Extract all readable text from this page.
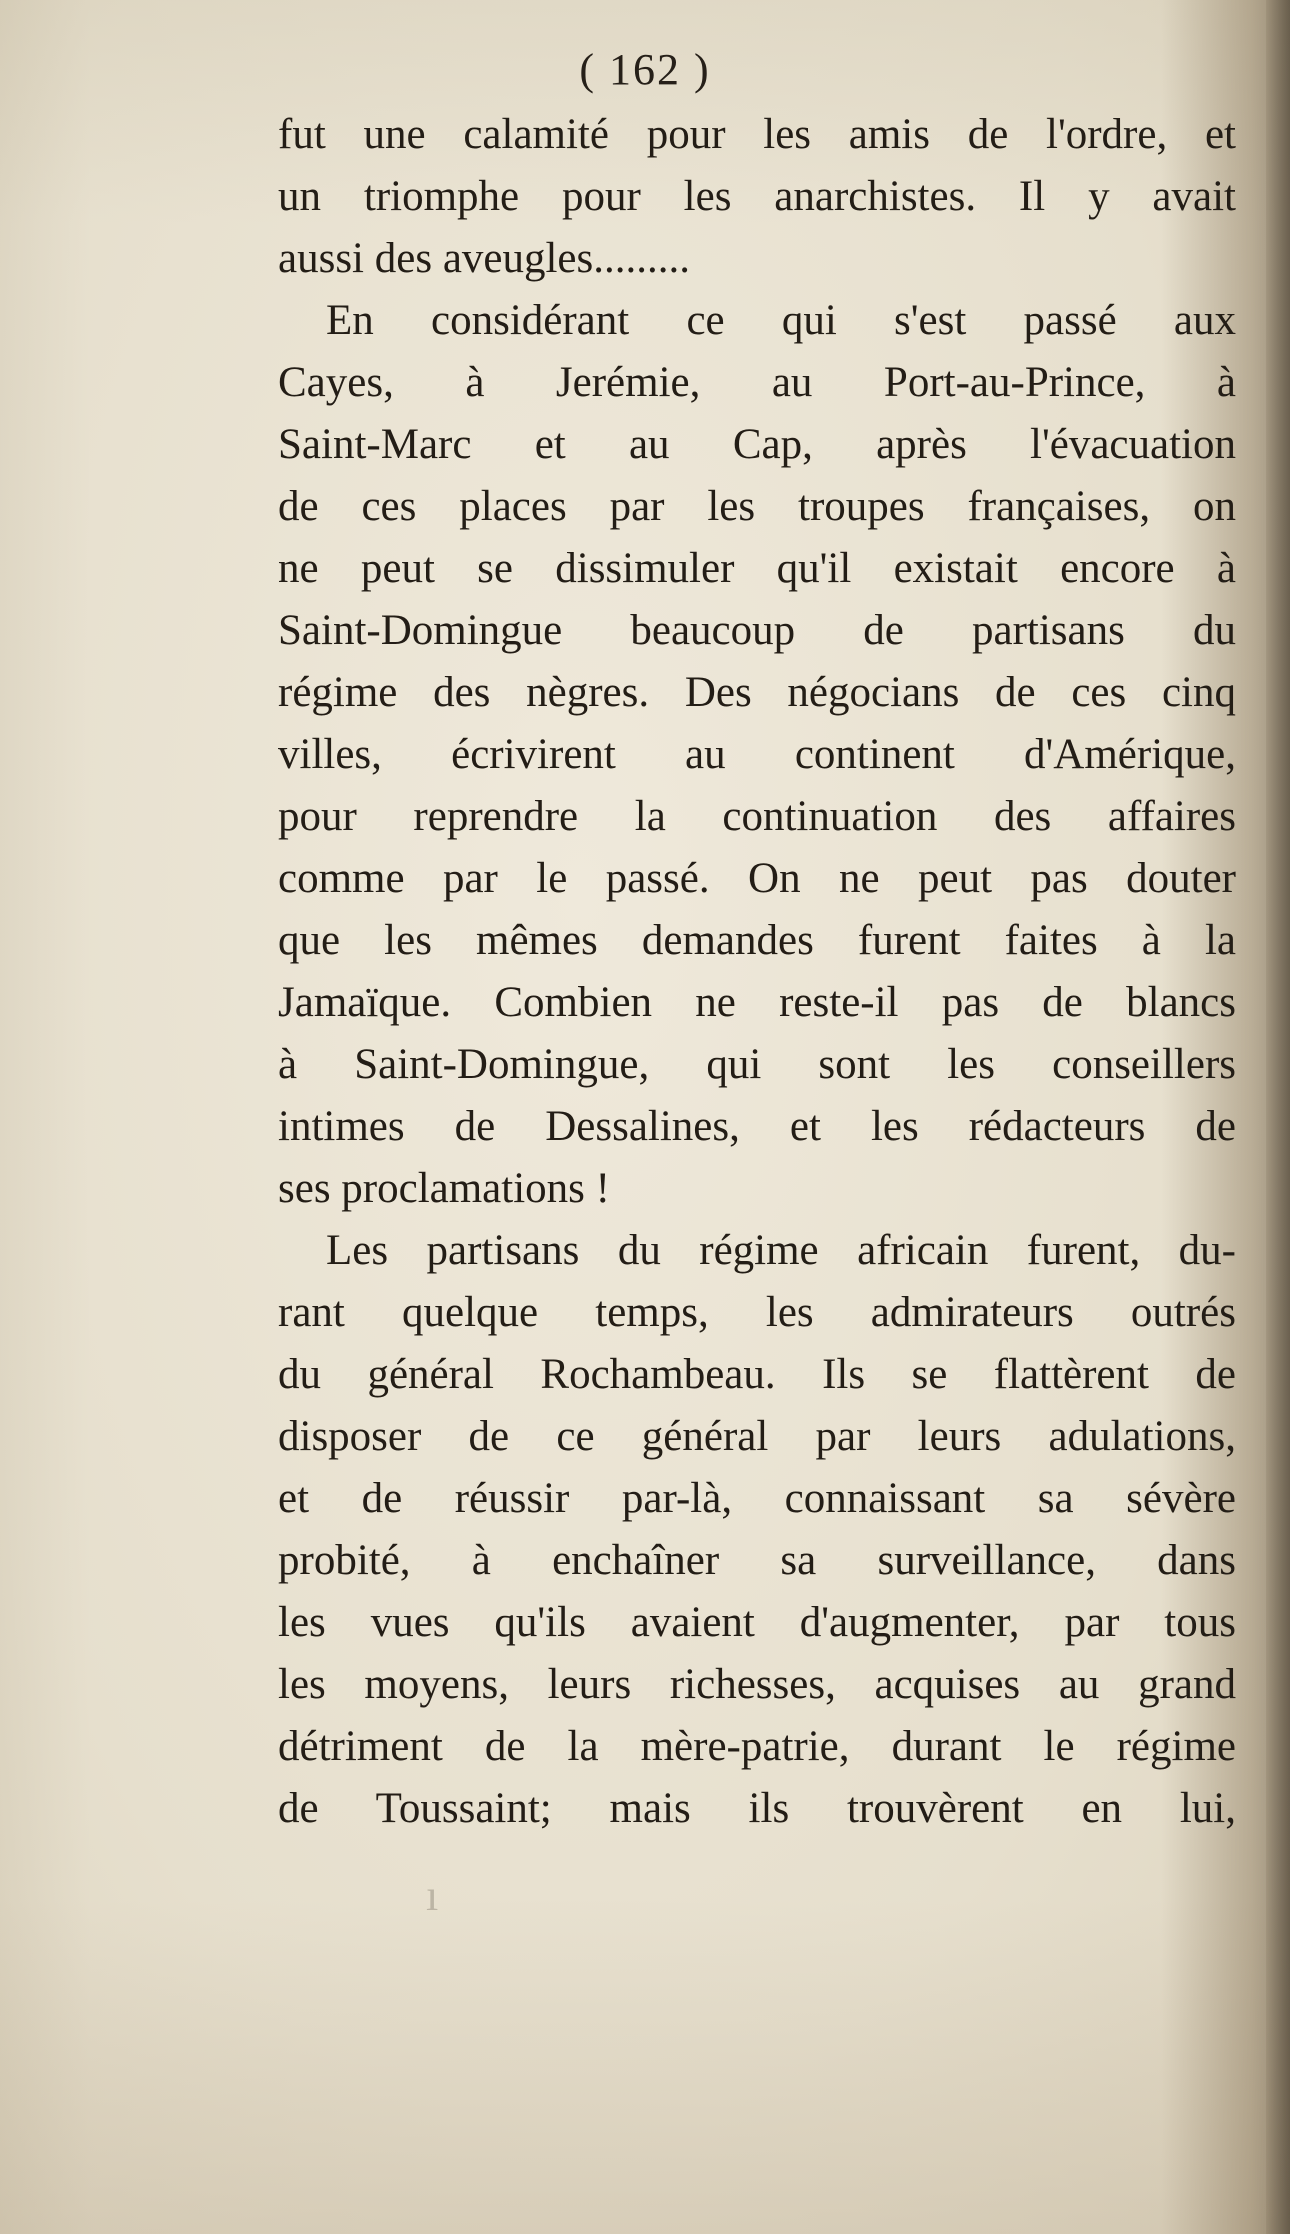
( 162 )
fut une calamité pour les amis de l'ordre, et
un triomphe pour les anarchistes. Il y avait
aussi des aveugles.........
En considérant ce qui s'est passé aux
Cayes, à Jerémie, au Port-au-Prince, à
Saint-Marc et au Cap, après l'évacuation
de ces places par les troupes françaises, on
ne peut se dissimuler qu'il existait encore à
Saint-Domingue beaucoup de partisans du
régime des nègres. Des négocians de ces cinq
villes, écrivirent au continent d'Amérique,
pour reprendre la continuation des affaires
comme par le passé. On ne peut pas douter
que les mêmes demandes furent faites à la
Jamaïque. Combien ne reste-il pas de blancs
à Saint-Domingue, qui sont les conseillers
intimes de Dessalines, et les rédacteurs de
ses proclamations !
Les partisans du régime africain furent, du-
rant quelque temps, les admirateurs outrés
du général Rochambeau. Ils se flattèrent de
disposer de ce général par leurs adulations,
et de réussir par-là, connaissant sa sévère
probité, à enchaîner sa surveillance, dans
les vues qu'ils avaient d'augmenter, par tous
les moyens, leurs richesses, acquises au grand
détriment de la mère-patrie, durant le régime
de Toussaint; mais ils trouvèrent en lui,
ı
